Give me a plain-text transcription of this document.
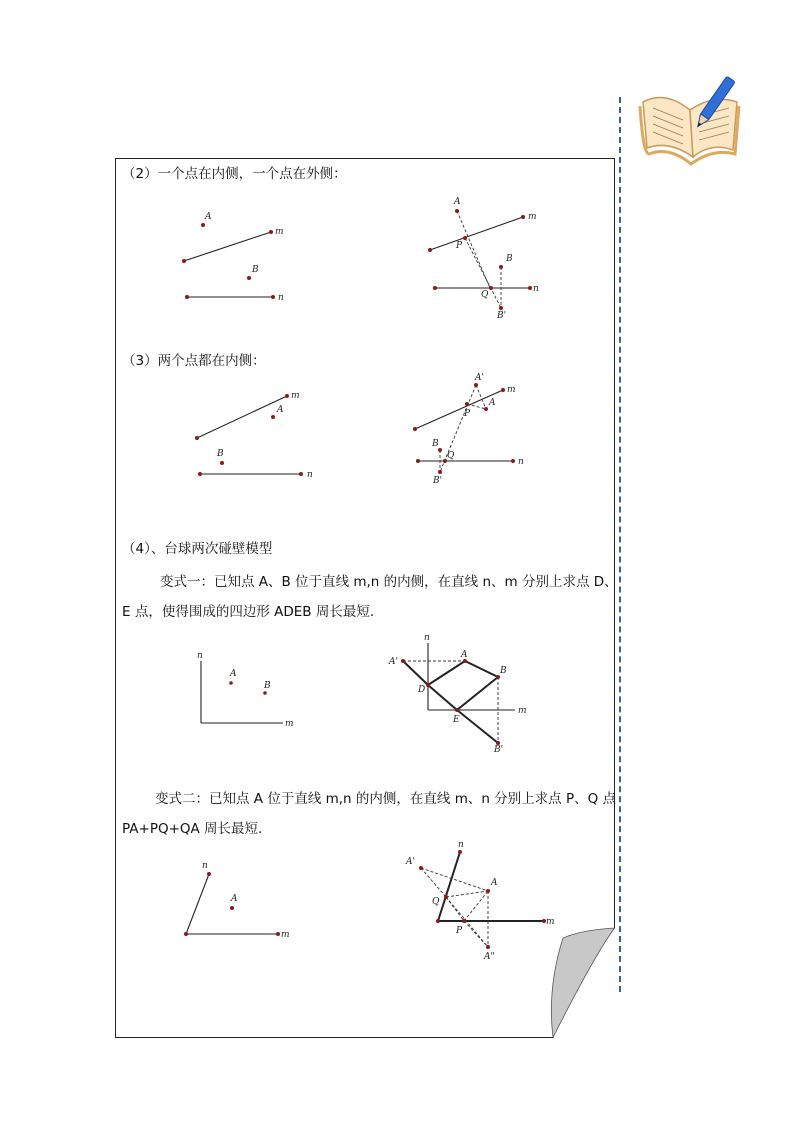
（2）一个点在内侧，一个点在外侧：
A
B
m
n
A
P
B
Q
B'
m
n
（3）两个点都在内侧：
A
B
m
n
A'
A
P
B
Q
B'
m
n
（4）、台球两次碰壁模型
变式一：已知点 A、B 位于直线 m,n 的内侧，在直线 n、m 分别上求点 D、
E 点，使得围成的四边形 ADEB 周长最短.
n
A
B
m
n
A'
A
B
D
E
B'
m
变式二：已知点 A 位于直线 m,n 的内侧，在直线 m、n 分别上求点 P、Q 点
PA+PQ+QA 周长最短.
n
A
m
n
A'
A
Q
P
A"
m
